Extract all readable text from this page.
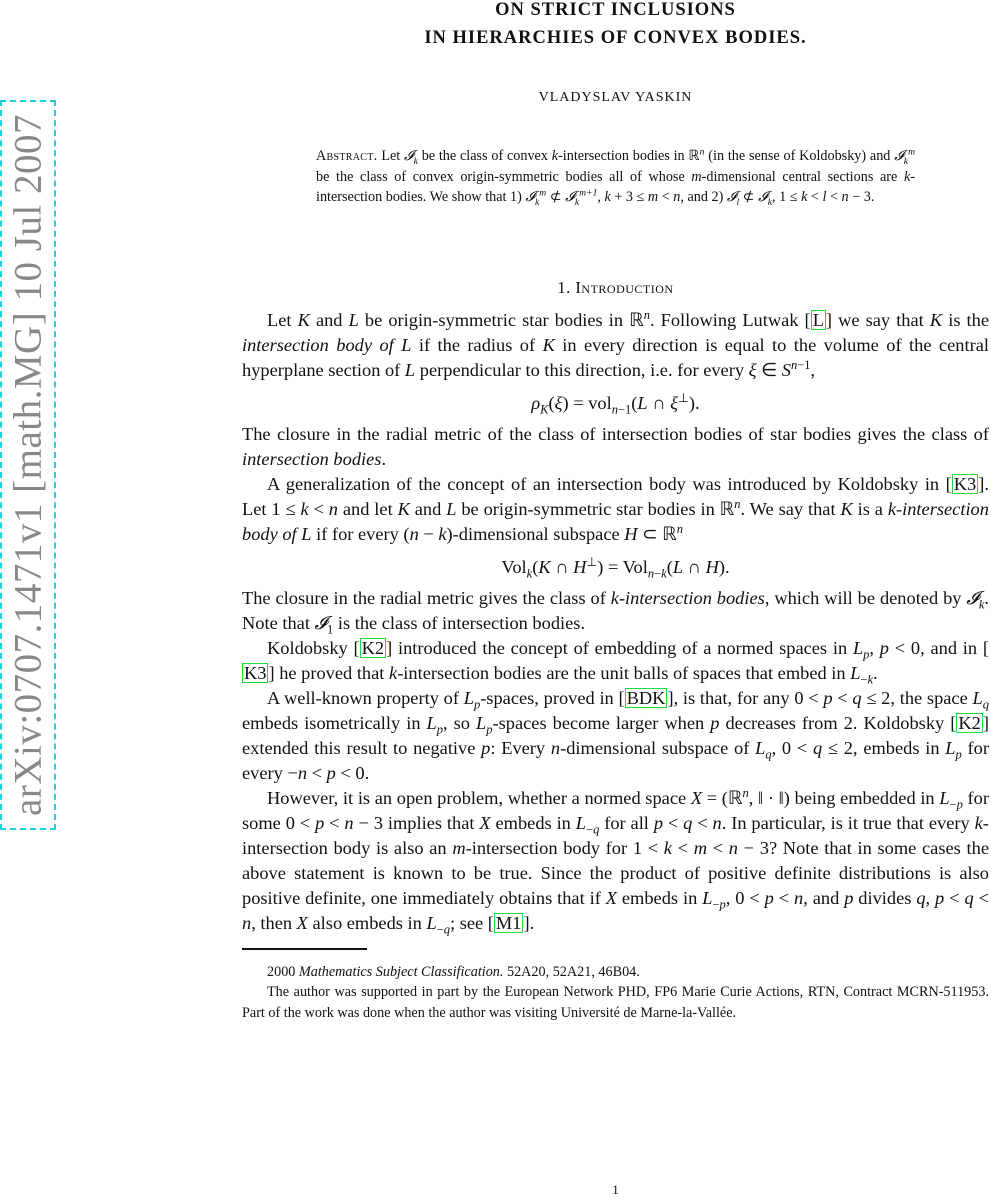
arXiv:0707.1471v1 [math.MG] 10 Jul 2007
ON STRICT INCLUSIONS
IN HIERARCHIES OF CONVEX BODIES.
VLADYSLAV YASKIN
Abstract. Let 𝓘$_k$ be the class of convex k-intersection bodies in ℝ$^n$ (in the sense of Koldobsky) and 𝓘$_k^m$ be the class of convex origin-symmetric bodies all of whose m-dimensional central sections are k-intersection bodies. We show that 1) 𝓘$_k^m$ ⊄ 𝓘$_k^{m+1}$, k + 3 ≤ m < n, and 2) 𝓘$_l$ ⊄ 𝓘$_k$, 1 ≤ k < l < n − 3.
1. Introduction

Let K and L be origin-symmetric star bodies in ℝ$^n$. Following Lutwak [ L ] we say that K is the intersection body of L if the radius of K in every direction is equal to the volume of the central hyperplane section of L perpendicular to this direction, i.e. for every ξ ∈ $S^{n-1}$,

$\rho_K(\xi) = vol_{n-1}(L$ ∩ ξ⊥).

The closure in the radial metric of the class of intersection bodies of star bodies gives the class of intersection bodies.

A generalization of the concept of an intersection body was introduced by Koldobsky in [ K3 ]. Let 1 ≤ k < n and let K and L be origin-symmetric star bodies in ℝ$^n$. We say that K is a k-intersection body of L if for every (n − k)-dimensional subspace H ⊂ ℝ$^n$

Vol$_k$(K ∩ H⊥) = Vol$_{n-k}$(L ∩ H).

The closure in the radial metric gives the class of k-intersection bodies, which will be denoted by 𝓘$_k$. Note that 𝓘$_1$ is the class of intersection bodies.

Koldobsky [ K2 ] introduced the concept of embedding of a normed spaces in $L_p$, p < 0, and in [K3 ] he proved that k-intersection bodies are the unit balls of spaces that embed in $L_{-k}$.

A well-known property of $L_p$-spaces, proved in [ BDK ], is that, for any 0 < p < q ≤ 2, the space $L_q$ embeds isometrically in $L_p$, so $L_p$-spaces become larger when p decreases from 2. Koldobsky [ K2 ] extended this result to negative p: Every n-dimensional subspace of $L_q$, 0 < q ≤ 2, embeds in $L_p$ for every −n < p < 0.

However, it is an open problem, whether a normed space X = (ℝ$^n$, ‖ · ‖) being embedded in $L_{-p}$ for some 0 < p < n − 3 implies that X embeds in $L_{-q}$ for all p < q < n. In particular, is it true that every k-intersection body is also an m-intersection body for 1 < k < m < n − 3? Note that in some cases the above statement is known to be true. Since the product of positive definite distributions is also positive definite, one immediately obtains that if X embeds in $L_{-p}$, 0 < p < n, and p divides q, p < q < n, then X also embeds in $L_{-q}$; see [ M1 ].

2000 Mathematics Subject Classification. 52A20, 52A21, 46B04.

The author was supported in part by the European Network PHD, FP6 Marie Curie Actions, RTN, Contract MCRN-511953. Part of the work was done when the author was visiting Université de Marne-la-Vallée.

1
